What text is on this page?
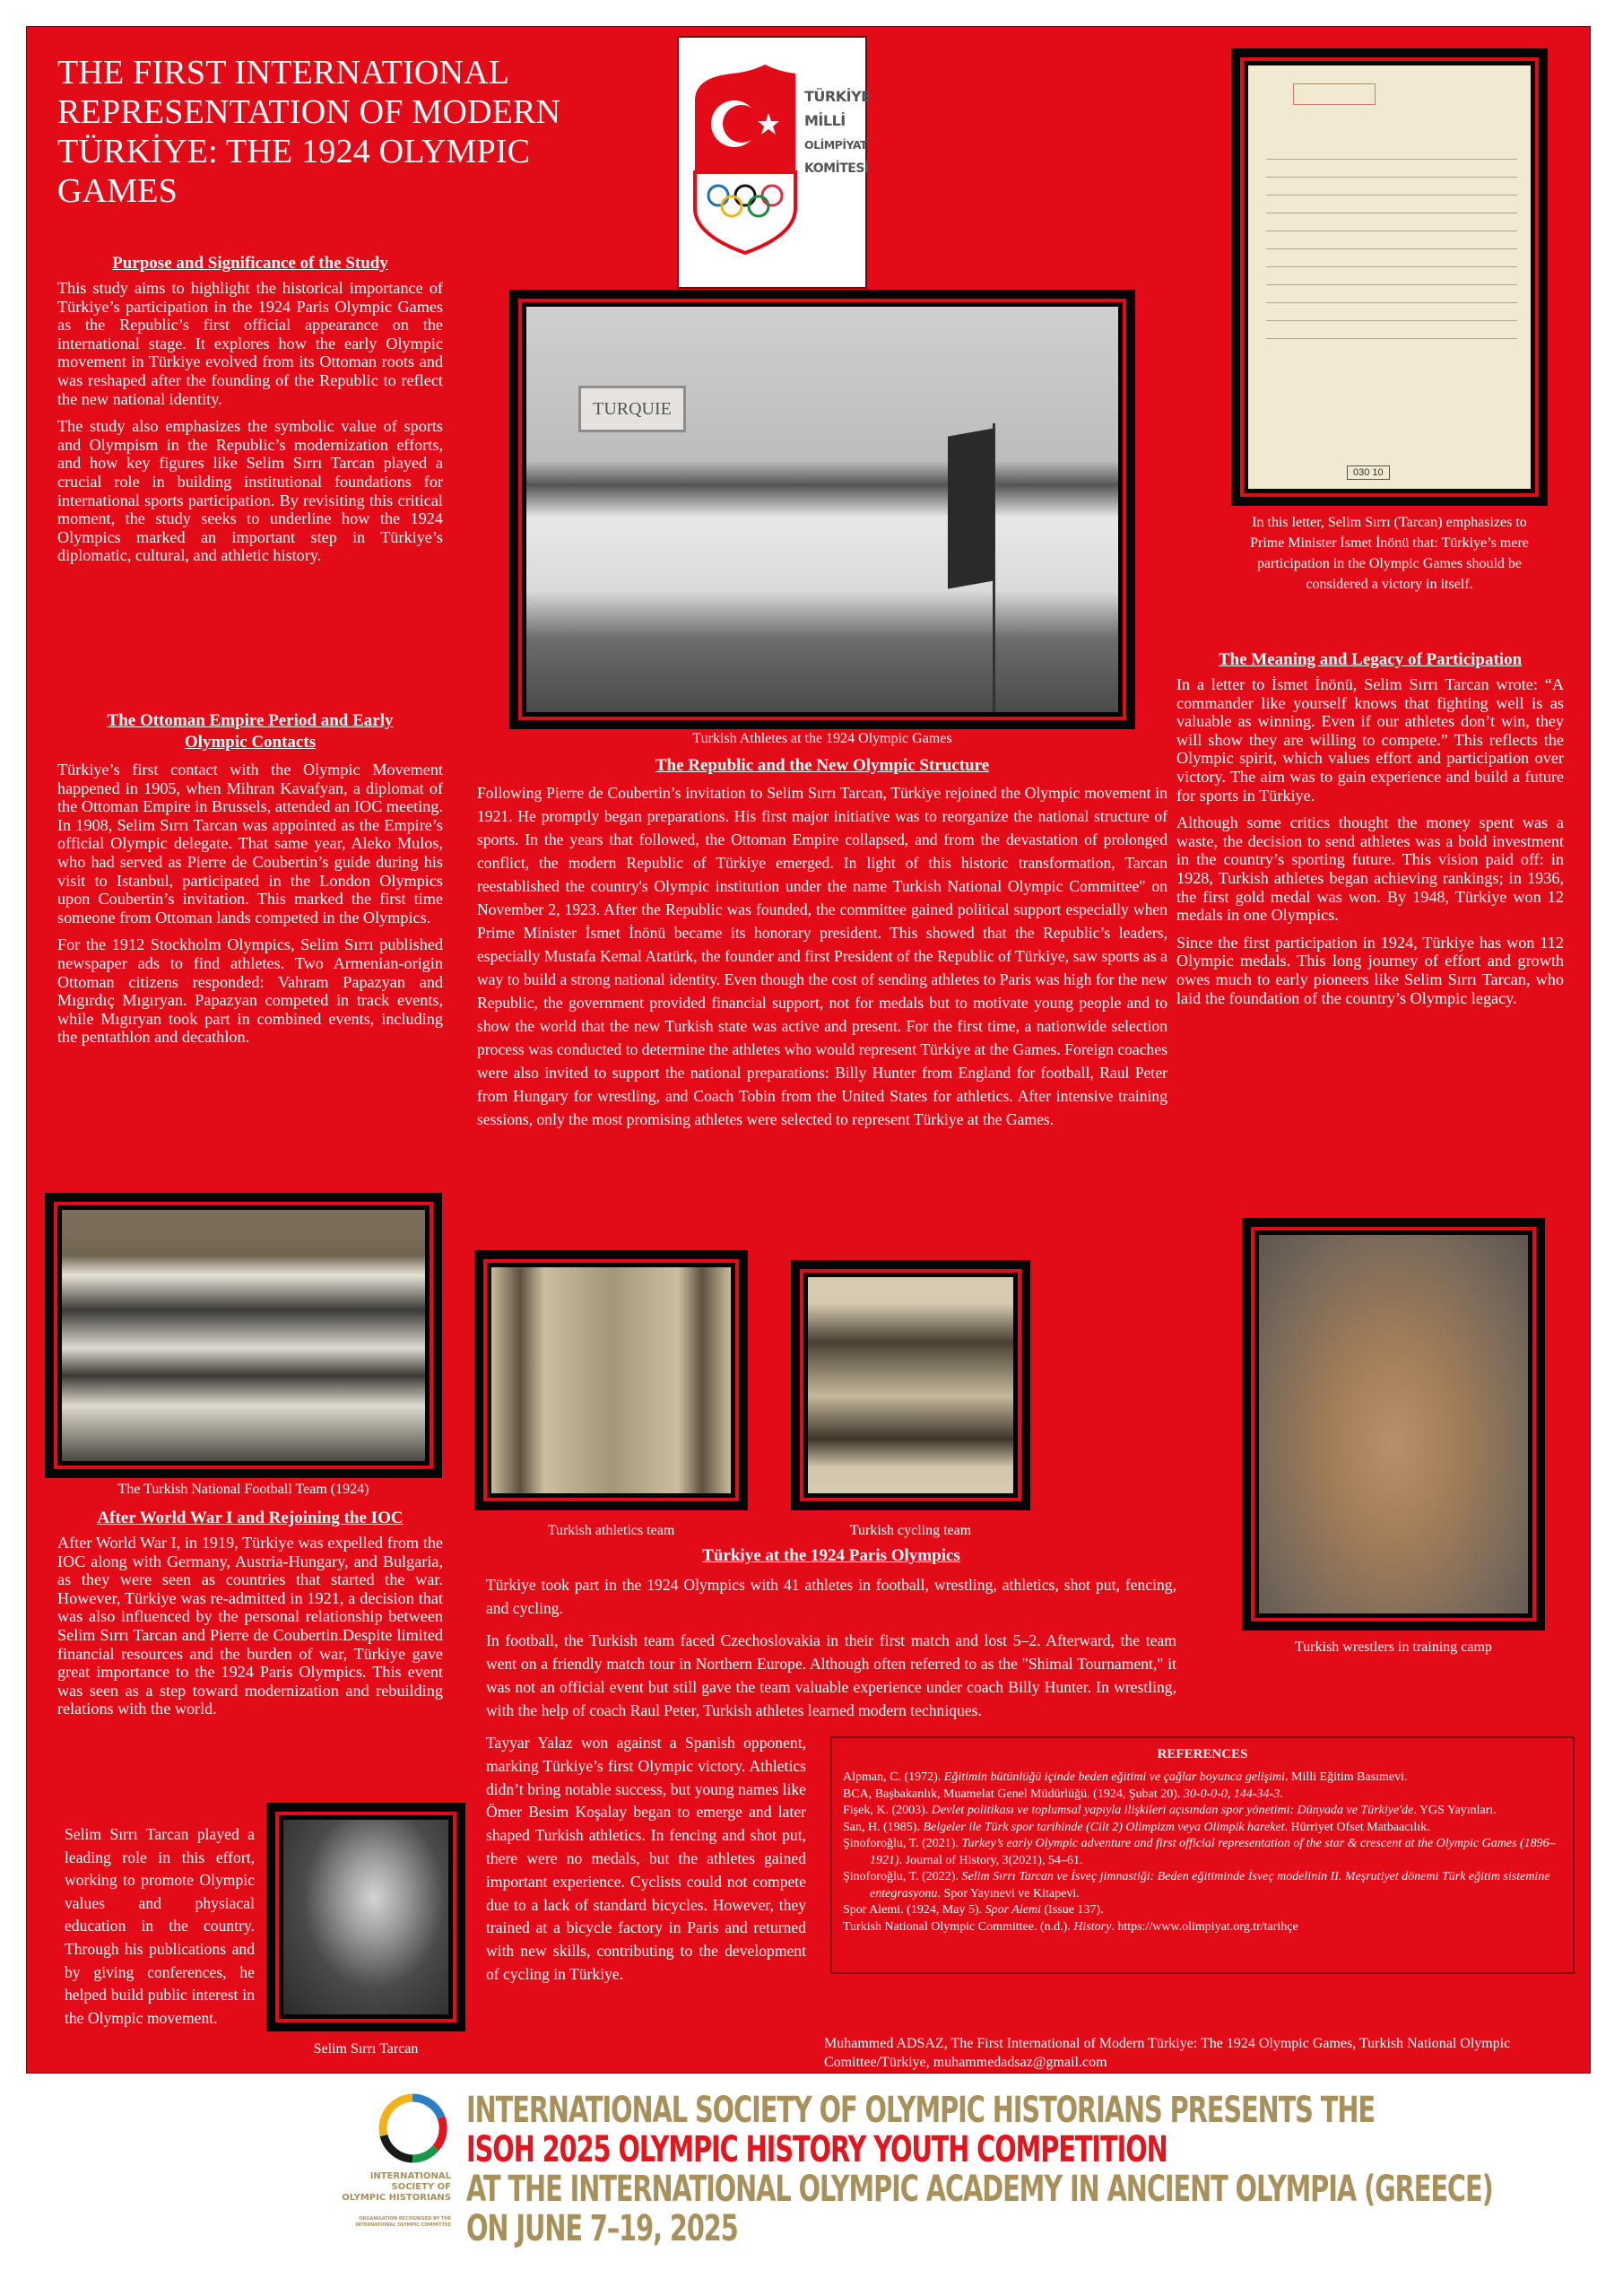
THE FIRST INTERNATIONAL REPRESENTATION OF MODERN TÜRKİYE: THE 1924 OLYMPIC GAMES
TÜRKİYE
MİLLİ
OLİMPİYAT
KOMİTESİ
Purpose and Significance of the Study

This study aims to highlight the historical importance of Türkiye’s participation in the 1924 Paris Olympic Games as the Republic’s first official appearance on the international stage. It explores how the early Olympic movement in Türkiye evolved from its Ottoman roots and was reshaped after the founding of the Republic to reflect the new national identity.

The study also emphasizes the symbolic value of sports and Olympism in the Republic’s modernization efforts, and how key figures like Selim Sırrı Tarcan played a crucial role in building institutional foundations for international sports participation. By revisiting this critical moment, the study seeks to underline how the 1924 Olympics marked an important step in Türkiye’s diplomatic, cultural, and athletic history.

The Ottoman Empire Period and Early
Olympic Contacts

Türkiye’s first contact with the Olympic Movement happened in 1905, when Mihran Kavafyan, a diplomat of the Ottoman Empire in Brussels, attended an IOC meeting. In 1908, Selim Sırrı Tarcan was appointed as the Empire’s official Olympic delegate. That same year, Aleko Mulos, who had served as Pierre de Coubertin’s guide during his visit to Istanbul, participated in the London Olympics upon Coubertin’s invitation. This marked the first time someone from Ottoman lands competed in the Olympics.

For the 1912 Stockholm Olympics, Selim Sırrı published newspaper ads to find athletes. Two Armenian-origin Ottoman citizens responded: Vahram Papazyan and Mıgırdıç Mıgıryan. Papazyan competed in track events, while Mıgıryan took part in combined events, including the pentathlon and decathlon.

The Turkish National Football Team (1924)
After World War I and Rejoining the IOC

After World War I, in 1919, Türkiye was expelled from the IOC along with Germany, Austria-Hungary, and Bulgaria, as they were seen as countries that started the war. However, Türkiye was re-admitted in 1921, a decision that was also influenced by the personal relationship between Selim Sırrı Tarcan and Pierre de Coubertin.Despite limited financial resources and the burden of war, Türkiye gave great importance to the 1924 Paris Olympics. This event was seen as a step toward modernization and rebuilding relations with the world.

Selim Sırrı Tarcan played a leading role in this effort, working to promote Olympic values and physiacal education in the country. Through his publications and by giving conferences, he helped build public interest in the Olympic movement.

Selim Sırrı Tarcan
TURQUIE
Turkish Athletes at the 1924 Olympic Games
The Republic and the New Olympic Structure

Following Pierre de Coubertin’s invitation to Selim Sırrı Tarcan, Türkiye rejoined the Olympic movement in 1921. He promptly began preparations. His first major initiative was to reorganize the national structure of sports. In the years that followed, the Ottoman Empire collapsed, and from the devastation of prolonged conflict, the modern Republic of Türkiye emerged. In light of this historic transformation, Tarcan reestablished the country's Olympic institution under the name Turkish National Olympic Committee" on November 2, 1923. After the Republic was founded, the committee gained political support especially when Prime Minister İsmet İnönü became its honorary president. This showed that the Republic’s leaders, especially Mustafa Kemal Atatürk, the founder and first President of the Republic of Türkiye, saw sports as a way to build a strong national identity. Even though the cost of sending athletes to Paris was high for the new Republic, the government provided financial support, not for medals but to motivate young people and to show the world that the new Turkish state was active and present. For the first time, a nationwide selection process was conducted to determine the athletes who would represent Türkiye at the Games. Foreign coaches were also invited to support the national preparations: Billy Hunter from England for football, Raul Peter from Hungary for wrestling, and Coach Tobin from the United States for athletics. After intensive training sessions, only the most promising athletes were selected to represent Türkiye at the Games.

Turkish athletics team	Turkish cycling team
Türkiye at the 1924 Paris Olympics

Türkiye took part in the 1924 Olympics with 41 athletes in football, wrestling, athletics, shot put, fencing, and cycling.

In football, the Turkish team faced Czechoslovakia in their first match and lost 5–2. Afterward, the team went on a friendly match tour in Northern Europe. Although often referred to as the "Shimal Tournament," it was not an official event but still gave the team valuable experience under coach Billy Hunter. In wrestling, with the help of coach Raul Peter, Turkish athletes learned modern techniques.

Tayyar Yalaz won against a Spanish opponent, marking Türkiye’s first Olympic victory. Athletics didn’t bring notable success, but young names like Ömer Besim Koşalay began to emerge and later shaped Turkish athletics. In fencing and shot put, there were no medals, but the athletes gained important experience. Cyclists could not compete due to a lack of standard bicycles. However, they trained at a bicycle factory in Paris and returned with new skills, contributing to the development of cycling in Türkiye.

030 10
In this letter, Selim Sırrı (Tarcan) emphasizes to Prime Minister İsmet İnönü that: Türkiye’s mere participation in the Olympic Games should be considered a victory in itself.
The Meaning and Legacy of Participation

In a letter to İsmet İnönü, Selim Sırrı Tarcan wrote: “A commander like yourself knows that fighting well is as valuable as winning. Even if our athletes don’t win, they will show they are willing to compete.” This reflects the Olympic spirit, which values effort and participation over victory. The aim was to gain experience and build a future for sports in Türkiye.

Although some critics thought the money spent was a waste, the decision to send athletes was a bold investment in the country’s sporting future. This vision paid off: in 1928, Turkish athletes began achieving rankings; in 1936, the first gold medal was won. By 1948, Türkiye won 12 medals in one Olympics.

Since the first participation in 1924, Türkiye has won 112 Olympic medals. This long journey of effort and growth owes much to early pioneers like Selim Sırrı Tarcan, who laid the foundation of the country’s Olympic legacy.

Turkish wrestlers in training camp
REFERENCES
Alpman, C. (1972). Eğitimin bütünlüğü içinde beden eğitimi ve çağlar boyunca gelişimi. Milli Eğitim Basımevi.
BCA, Başbakanlık, Muamelat Genel Müdürlüğü. (1924, Şubat 20). 30-0-0-0, 144-34-3.
Fişek, K. (2003). Devlet politikası ve toplumsal yapıyla ilişkileri açısından spor yönetimi: Dünyada ve Türkiye'de. YGS Yayınları.
San, H. (1985). Belgeler ile Türk spor tarihinde (Cilt 2) Olimpizm veya Olimpik hareket. Hürriyet Ofset Matbaacılık.
Şinoforoğlu, T. (2021). Turkey’s early Olympic adventure and first official representation of the star & crescent at the Olympic Games (1896–1921). Journal of History, 3(2021), 54–61.
Şinoforoğlu, T. (2022). Selim Sırrı Tarcan ve İsveç jimnastiği: Beden eğitiminde İsveç modelinin II. Meşrutiyet dönemi Türk eğitim sistemine entegrasyonu. Spor Yayınevi ve Kitapevi.
Spor Alemi. (1924, May 5). Spor Alemi (Issue 137).
Turkish National Olympic Committee. (n.d.). History. https://www.olimpiyat.org.tr/tarihçe
Muhammed ADSAZ, The First International of Modern Türkiye: The 1924 Olympic Games, Turkish National Olympic Comittee/Türkiye, muhammedadsaz@gmail.com
INTERNATIONAL
SOCIETY OF
OLYMPIC HISTORIANS
ORGANISATION RECOGNISED BY THE
INTERNATIONAL OLYMPIC COMMITTEE
INTERNATIONAL SOCIETY OF OLYMPIC HISTORIANS PRESENTS THE
ISOH 2025 OLYMPIC HISTORY YOUTH COMPETITION
AT THE INTERNATIONAL OLYMPIC ACADEMY IN ANCIENT OLYMPIA (GREECE)
ON JUNE 7–19, 2025
